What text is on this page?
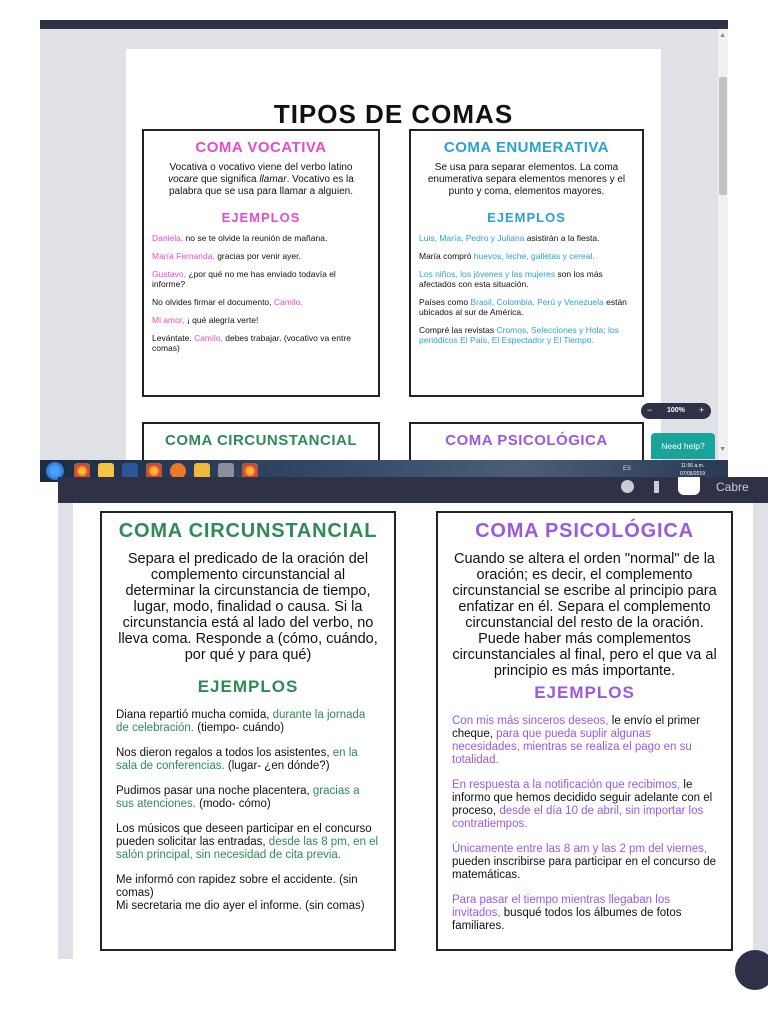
▲
▼
TIPOS DE COMAS
COMA VOCATIVA
Vocativa o vocativo viene del verbo latino vocare que significa llamar. Vocativo es la palabra que se usa para llamar a alguien.
EJEMPLOS
Daniela, no se te olvide la reunión de mañana.
María Fernanda, gracias por venir ayer.
Gustavo, ¿por qué no me has enviado todavía el informe?
No olvides firmar el documento, Camilo.
Mi amor, ¡ qué alegría verte!
Levántate. Camilo, debes trabajar. (vocativo va entre comas)
COMA ENUMERATIVA
Se usa para separar elementos. La coma enumerativa separa elementos menores y el punto y coma, elementos mayores.
EJEMPLOS
Luis, María, Pedro y Juliana asistirán a la fiesta.
María compró huevos, leche, galletas y cereal.
Los niños, los jóvenes y las mujeres son los más afectados con esta situación.
Países como Brasil, Colombia, Perú y Venezuela están ubicados al sur de América.
Compré las revistas Cromos, Selecciones y Hola; los periódicos El País, El Espectador y El Tiempo.
COMA CIRCUNSTANCIAL	COMA PSICOLÓGICA
− 100% +
Need help?
ES	11:56 a.m.
07/05/2019
Cabre
COMA CIRCUNSTANCIAL
Separa el predicado de la oración del complemento circunstancial al determinar la circunstancia de tiempo, lugar, modo, finalidad o causa. Si la circunstancia está al lado del verbo, no lleva coma. Responde a (cómo, cuándo, por qué y para qué)
EJEMPLOS
Diana repartió mucha comida, durante la jornada de celebración. (tiempo- cuándo)
Nos dieron regalos a todos los asistentes, en la sala de conferencias. (lugar- ¿en dónde?)
Pudimos pasar una noche placentera, gracias a sus atenciones. (modo- cómo)
Los músicos que deseen participar en el concurso pueden solicitar las entradas, desde las 8 pm, en el salón principal, sin necesidad de cita previa.
Me informó con rapidez sobre el accidente. (sin comas)
Mi secretaria me dio ayer el informe. (sin comas)
COMA PSICOLÓGICA
Cuando se altera el orden "normal" de la oración; es decir, el complemento circunstancial se escribe al principio para enfatizar en él. Separa el complemento circunstancial del resto de la oración. Puede haber más complementos circunstanciales al final, pero el que va al principio es más importante.
EJEMPLOS
Con mis más sinceros deseos, le envío el primer cheque, para que pueda suplir algunas necesidades, mientras se realiza el pago en su totalidad.
En respuesta a la notificación que recibimos, le informo que hemos decidido seguir adelante con el proceso, desde el día 10 de abril, sin importar los contratiempos.
Únicamente entre las 8 am y las 2 pm del viernes, pueden inscribirse para participar en el concurso de matemáticas.
Para pasar el tiempo mientras llegaban los invitados, busqué todos los álbumes de fotos familiares.
